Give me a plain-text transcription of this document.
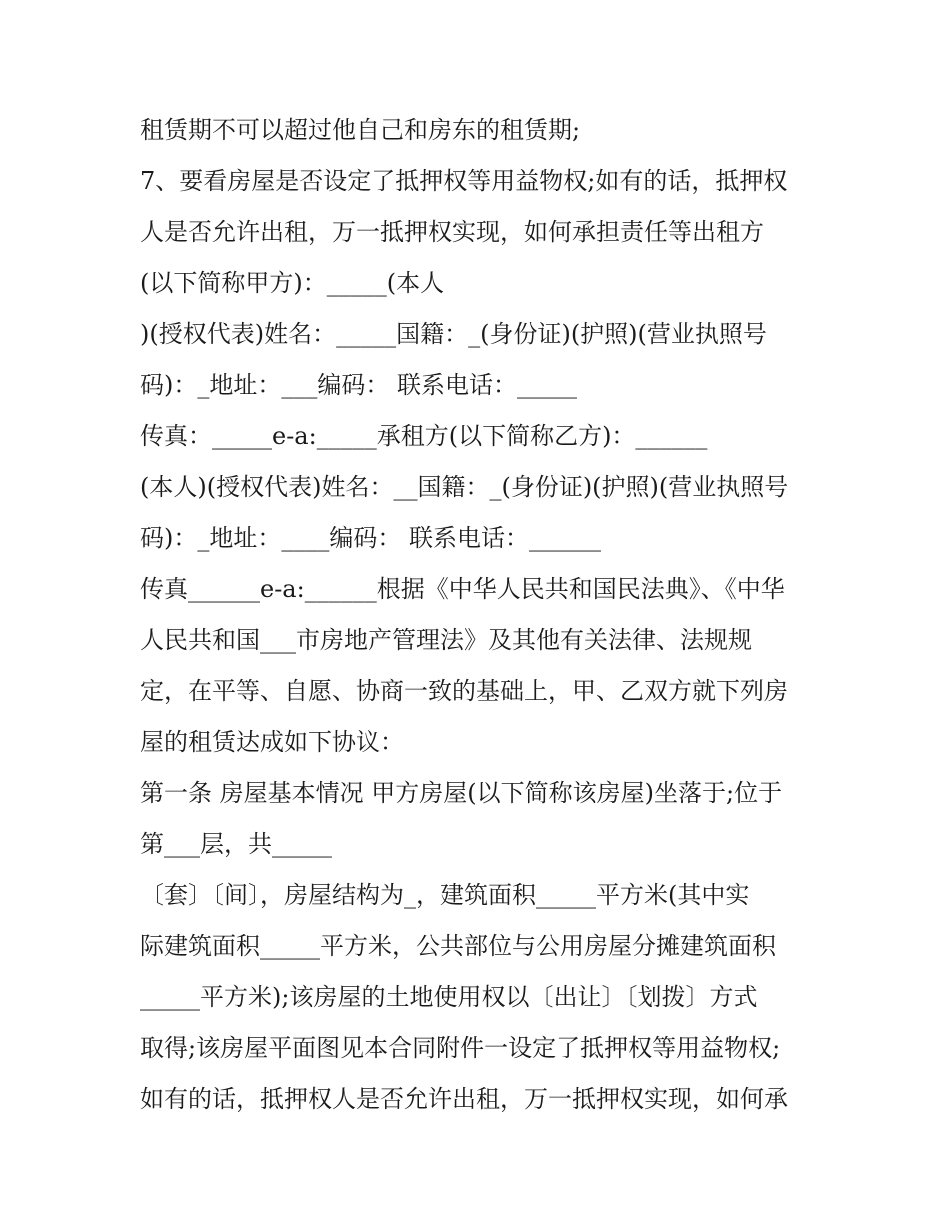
租赁期不可以超过他自己和房东的租赁期;
7、要看房屋是否设定了抵押权等用益物权;如有的话，抵押权
人是否允许出租，万一抵押权实现，如何承担责任等出租方
(以下简称甲方)：_____(本人
)(授权代表)姓名：_____国籍：_(身份证)(护照)(营业执照号
码)：_地址：___编码： 联系电话：_____
传真：_____e-a:_____承租方(以下简称乙方)：______
(本人)(授权代表)姓名：__国籍：_(身份证)(护照)(营业执照号
码)：_地址：____编码： 联系电话：______
传真______e-a:______根据《中华人民共和国民法典》、《中华
人民共和国___市房地产管理法》及其他有关法律、法规规
定，在平等、自愿、协商一致的基础上，甲、乙双方就下列房
屋的租赁达成如下协议：
第一条 房屋基本情况 甲方房屋(以下简称该房屋)坐落于;位于
第___层，共_____
〔套〕〔间〕，房屋结构为_，建筑面积_____平方米(其中实
际建筑面积_____平方米，公共部位与公用房屋分摊建筑面积
_____平方米);该房屋的土地使用权以〔出让〕〔划拨〕方式
取得;该房屋平面图见本合同附件一设定了抵押权等用益物权;
如有的话，抵押权人是否允许出租，万一抵押权实现，如何承
